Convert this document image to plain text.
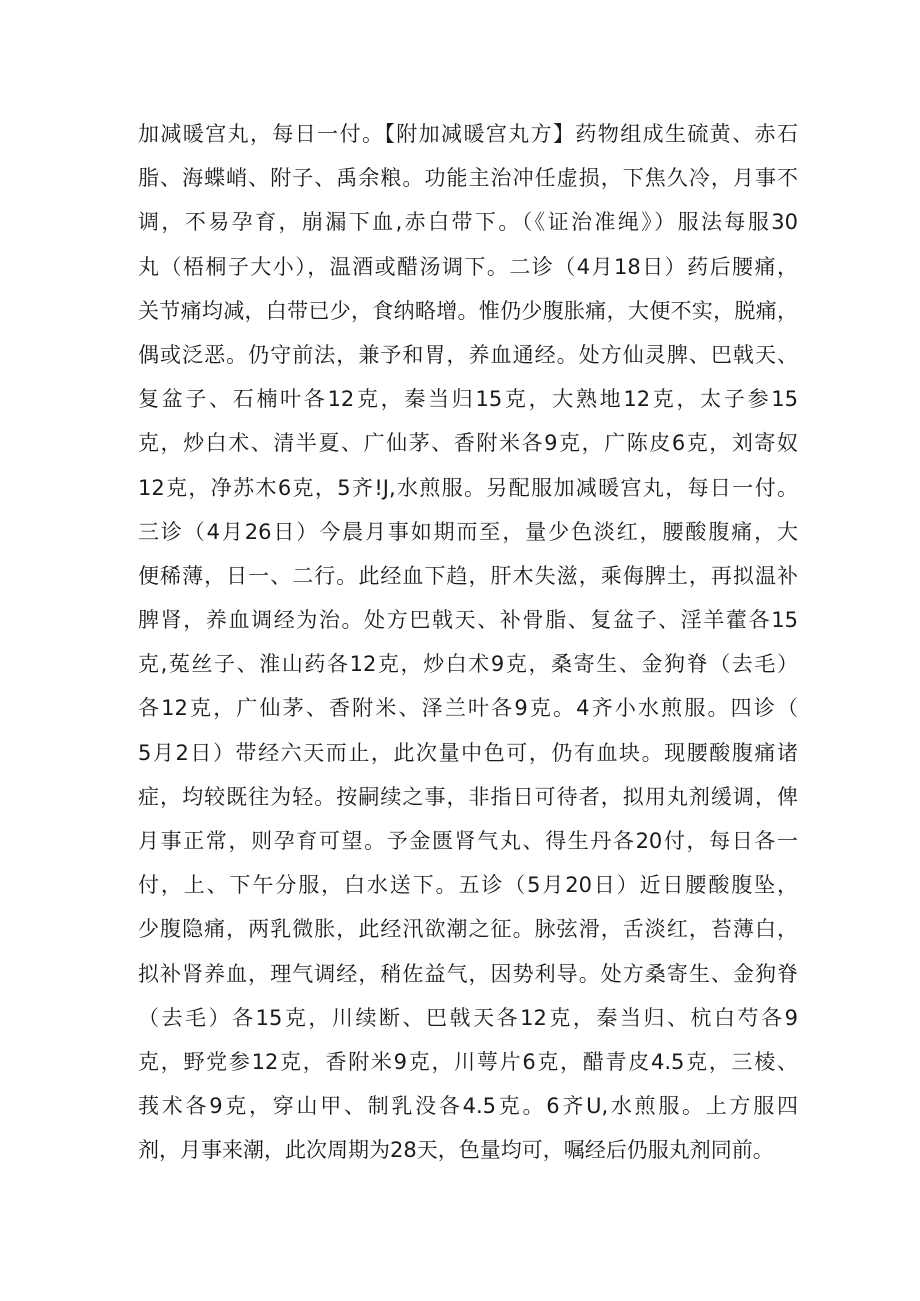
加减暖宫丸，每日一付。【附加减暖宫丸方】药物组成生硫黄、赤石
脂、海蝶峭、附子、禹余粮。功能主治冲任虚损，下焦久冷，月事不
调，不易孕育，崩漏下血,赤白带下。（《证治准绳》）服法每服30
丸（梧桐子大小），温酒或醋汤调下。二诊（4月18日）药后腰痛，
关节痛均减，白带已少，食纳略增。惟仍少腹胀痛，大便不实，脱痛，
偶或泛恶。仍守前法，兼予和胃，养血通经。处方仙灵脾、巴戟天、
复盆子、石楠叶各12克，秦当归15克，大熟地12克，太子参15
克，炒白术、清半夏、广仙茅、香附米各9克，广陈皮6克，刘寄奴
12克，净苏木6克，5齐!J,水煎服。另配服加减暖宫丸，每日一付。
三诊（4月26日）今晨月事如期而至，量少色淡红，腰酸腹痛，大
便稀薄，日一、二行。此经血下趋，肝木失滋，乘侮脾土，再拟温补
脾肾，养血调经为治。处方巴戟天、补骨脂、复盆子、淫羊藿各15
克,菟丝子、淮山药各12克，炒白术9克，桑寄生、金狗脊（去毛）
各12克，广仙茅、香附米、泽兰叶各9克。4齐小水煎服。四诊（
5月2日）带经六天而止，此次量中色可，仍有血块。现腰酸腹痛诸
症，均较既往为轻。按嗣续之事，非指日可待者，拟用丸剂缓调，俾
月事正常，则孕育可望。予金匮肾气丸、得生丹各20付，每日各一
付，上、下午分服，白水送下。五诊（5月20日）近日腰酸腹坠，
少腹隐痛，两乳微胀，此经汛欲潮之征。脉弦滑，舌淡红，苔薄白，
拟补肾养血，理气调经，稍佐益气，因势利导。处方桑寄生、金狗脊
（去毛）各15克，川续断、巴戟天各12克，秦当归、杭白芍各9
克，野党参12克，香附米9克，川萼片6克，醋青皮4.5克，三棱、
莪术各9克，穿山甲、制乳没各4.5克。6齐U,水煎服。上方服四
剂，月事来潮，此次周期为28天，色量均可，嘱经后仍服丸剂同前。
